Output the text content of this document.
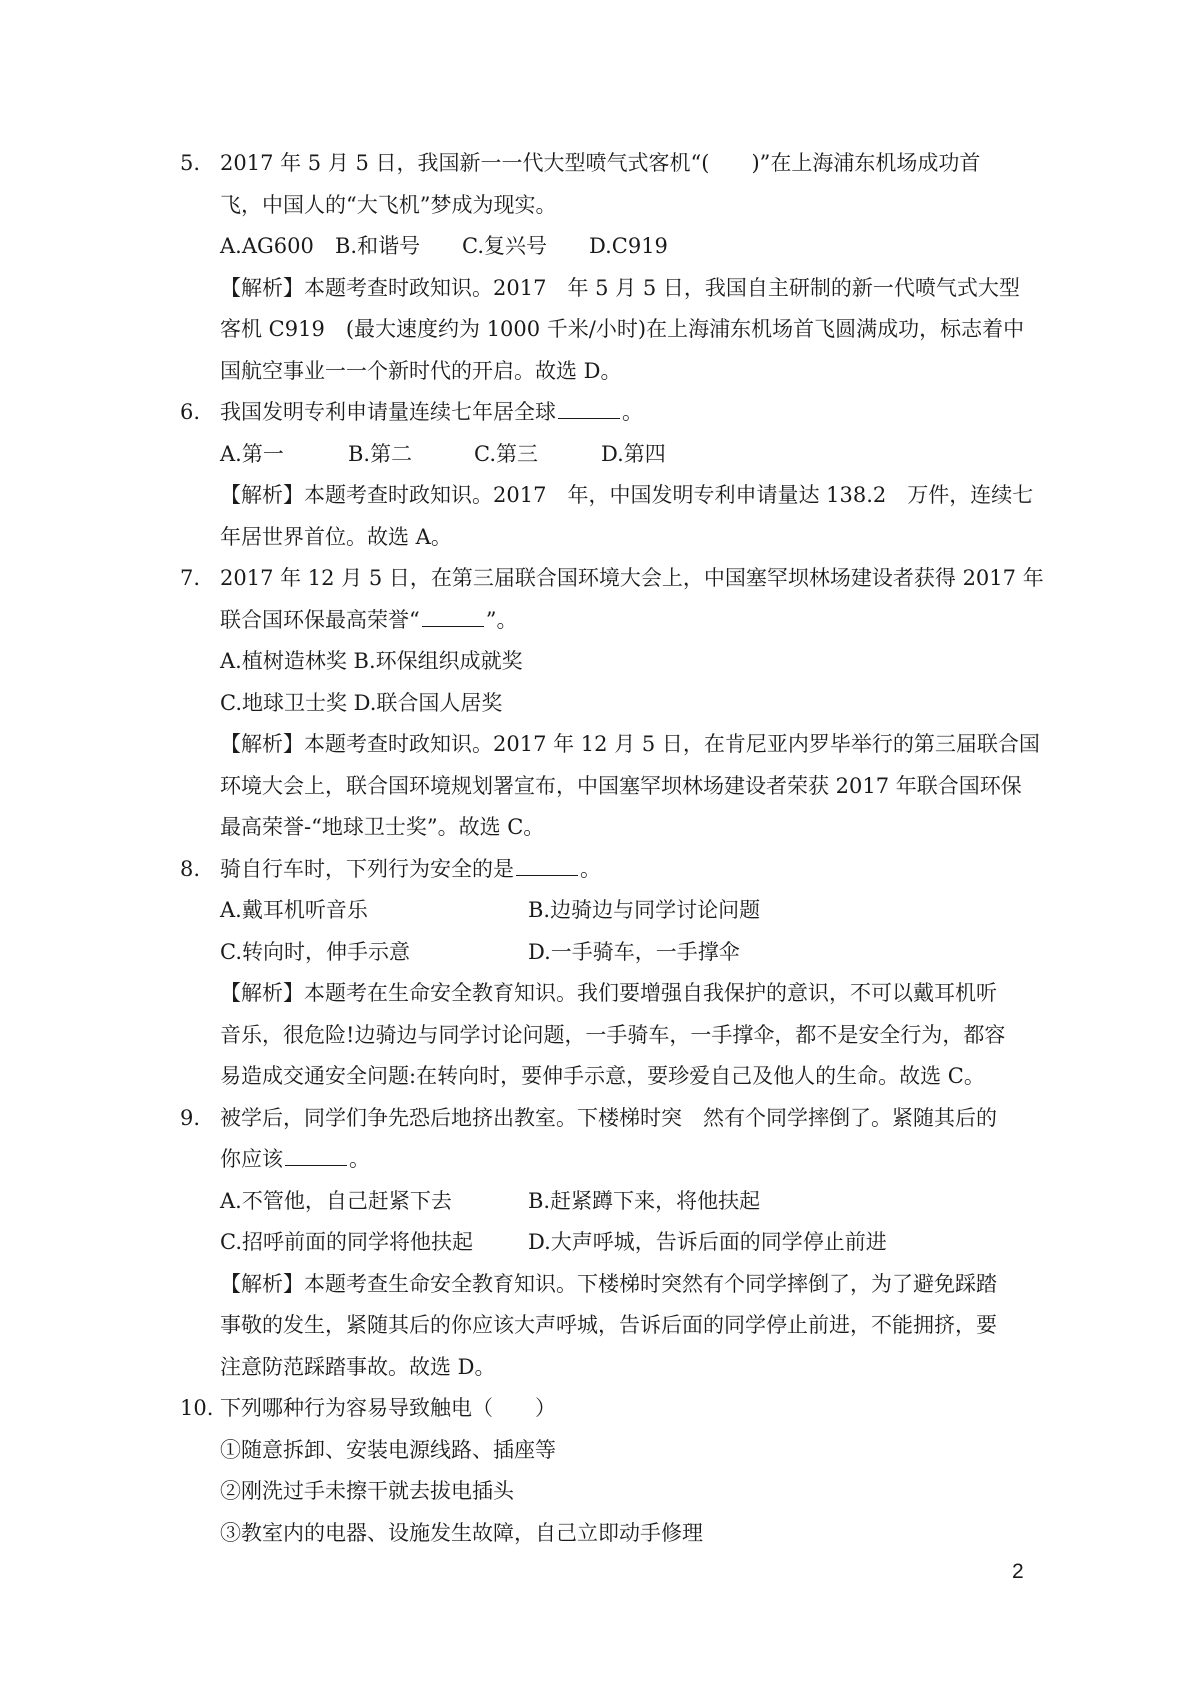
5. 2017 年 5 月 5 日，我国新一一代大型喷气式客机“(　　)”在上海浦东机场成功首
飞，中国人的“大飞机”梦成为现实。
A.AG600 B.和谐号 C.复兴号 D.C919
【解析】本题考查时政知识。2017　年 5 月 5 日，我国自主研制的新一代喷气式大型
客机 C919　(最大速度约为 1000 千米/小时)在上海浦东机场首飞圆满成功，标志着中
国航空事业一一个新时代的开启。故选 D。
6. 我国发明专利申请量连续七年居全球	。
A.第一	B.第二	C.第三	D.第四
【解析】本题考查时政知识。2017　年，中国发明专利申请量达 138.2　万件，连续七
年居世界首位。故选 A。
7. 2017 年 12 月 5 日，在第三届联合国环境大会上，中国塞罕坝林场建设者获得 2017 年
联合国环保最高荣誉“	”。
A.植树造林奖 B.环保组织成就奖
C.地球卫士奖 D.联合国人居奖
【解析】本题考查时政知识。2017 年 12 月 5 日，在肯尼亚内罗毕举行的第三届联合国
环境大会上，联合国环境规划署宣布，中国塞罕坝林场建设者荣获 2017 年联合国环保
最高荣誉-“地球卫士奖”。故选 C。
8. 骑自行车时，下列行为安全的是	。
A.戴耳机听音乐	B.边骑边与同学讨论问题
C.转向时，伸手示意	D.一手骑车，一手撑伞
【解析】本题考在生命安全教育知识。我们要增强自我保护的意识，不可以戴耳机听
音乐，很危险!边骑边与同学讨论问题，一手骑车，一手撑伞，都不是安全行为，都容
易造成交通安全问题:在转向时，要伸手示意，要珍爱自己及他人的生命。故选 C。
9. 被学后，同学们争先恐后地挤出教室。下楼梯时突　然有个同学摔倒了。紧随其后的
你应该	。
A.不管他，自己赶紧下去	B.赶紧蹲下来，将他扶起
C.招呼前面的同学将他扶起	D.大声呼城，告诉后面的同学停止前进
【解析】本题考查生命安全教育知识。下楼梯时突然有个同学摔倒了，为了避免踩踏
事敬的发生，紧随其后的你应该大声呼城，告诉后面的同学停止前进，不能拥挤，要
注意防范踩踏事故。故选 D。
10. 下列哪种行为容易导致触电（　　）
①随意拆卸、安装电源线路、插座等
②刚洗过手未擦干就去拔电插头
③教室内的电器、设施发生故障，自己立即动手修理
2
